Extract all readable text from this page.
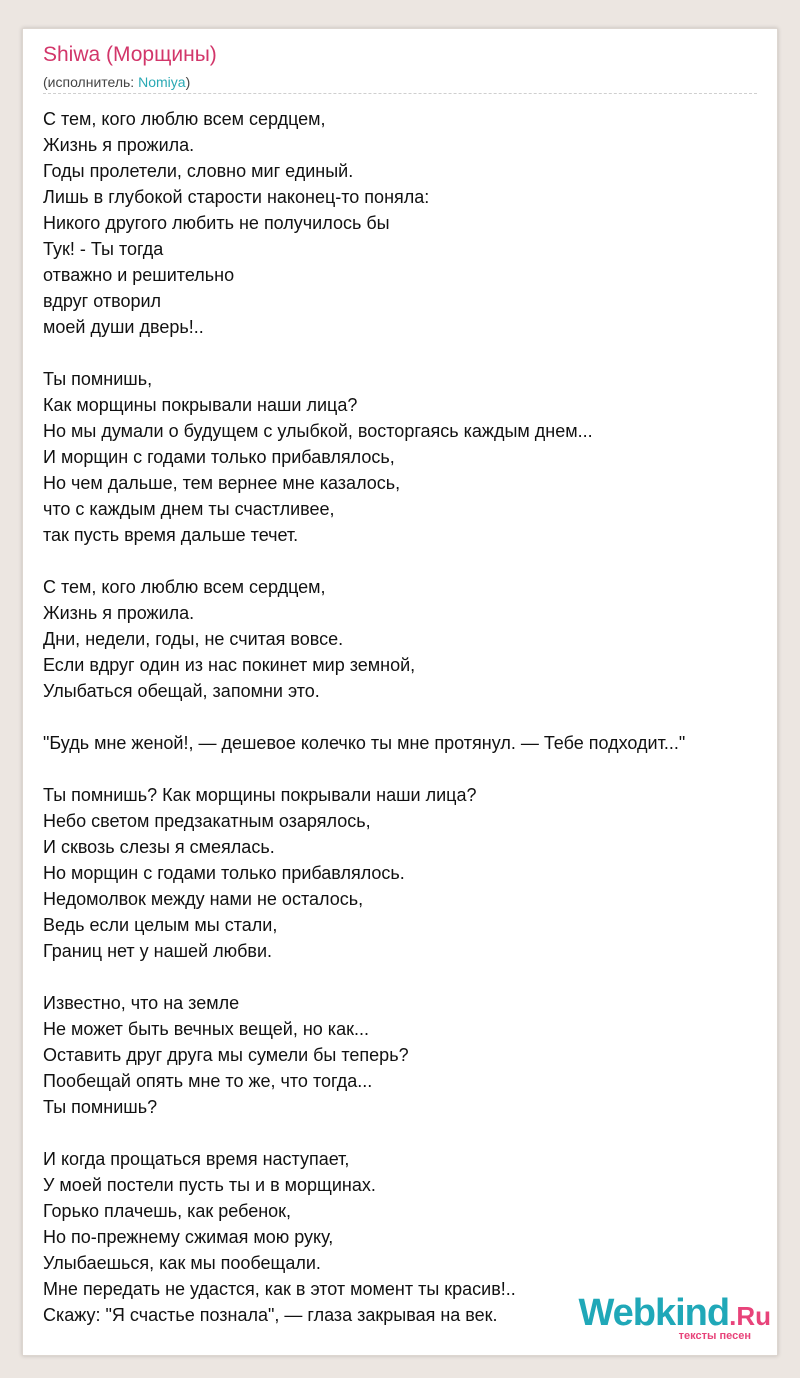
Shiwa (Морщины)
(исполнитель: Nomiya)
С тем, кого люблю всем сердцем,
Жизнь я прожила.
Годы пролетели, словно миг единый.
Лишь в глубокой старости наконец-то поняла:
Никого другого любить не получилось бы
Тук! - Ты тогда
отважно и решительно
вдруг отворил
моей души дверь!..
Ты помнишь,
Как морщины покрывали наши лица?
Но мы думали о будущем с улыбкой, восторгаясь каждым днем...
И морщин с годами только прибавлялось,
Но чем дальше, тем вернее мне казалось,
что с каждым днем ты счастливее,
так пусть время дальше течет.
С тем, кого люблю всем сердцем,
Жизнь я прожила.
Дни, недели, годы, не считая вовсе.
Если вдруг один из нас покинет мир земной,
Улыбаться обещай, запомни это.
"Будь мне женой!, — дешевое колечко ты мне протянул. — Тебе подходит..."
Ты помнишь? Как морщины покрывали наши лица?
Небо светом предзакатным озарялось,
И сквозь слезы я смеялась.
Но морщин с годами только прибавлялось.
Недомолвок между нами не осталось,
Ведь если целым мы стали,
Границ нет у нашей любви.
Известно, что на земле
Не может быть вечных вещей, но как...
Оставить друг друга мы сумели бы теперь?
Пообещай опять мне то же, что тогда...
Ты помнишь?
И когда прощаться время наступает,
У моей постели пусть ты и в морщинах.
Горько плачешь, как ребенок,
Но по-прежнему сжимая мою руку,
Улыбаешься, как мы пообещали.
Мне передать не удастся, как в этот момент ты красив!..
Скажу: "Я счастье познала", — глаза закрывая на век.	Webkind.Ru
тексты песен
